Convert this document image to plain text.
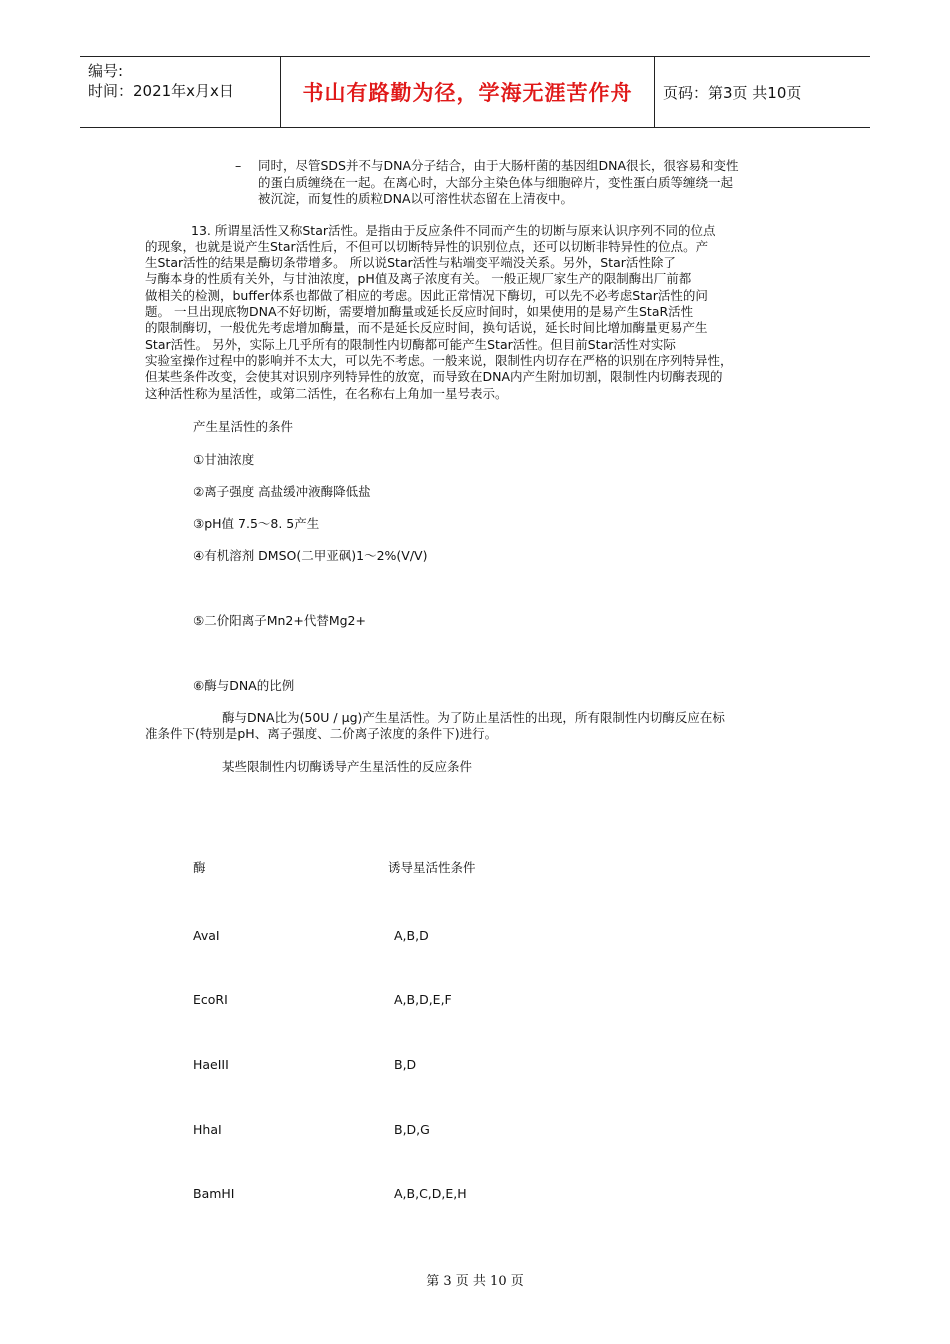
编号:
时间：2021年x月x日	书山有路勤为径，学海无涯苦作舟 页码：第3页 共10页
– 同时，尽管SDS并不与DNA分子结合，由于大肠杆菌的基因组DNA很长，很容易和变性
的蛋白质缠绕在一起。在离心时，大部分主染色体与细胞碎片，变性蛋白质等缠绕一起
被沉淀，而复性的质粒DNA以可溶性状态留在上清夜中。
13. 所谓星活性又称Star活性。是指由于反应条件不同而产生的切断与原来认识序列不同的位点
的现象，也就是说产生Star活性后，不但可以切断特异性的识别位点，还可以切断非特异性的位点。产
生Star活性的结果是酶切条带增多。 所以说Star活性与粘端变平端没关系。另外，Star活性除了
与酶本身的性质有关外，与甘油浓度，pH值及离子浓度有关。 一般正规厂家生产的限制酶出厂前都
做相关的检测，buffer体系也都做了相应的考虑。因此正常情况下酶切，可以先不必考虑Star活性的问
题。 一旦出现底物DNA不好切断，需要增加酶量或延长反应时间时，如果使用的是易产生StaR活性
的限制酶切，一般优先考虑增加酶量，而不是延长反应时间，换句话说，延长时间比增加酶量更易产生
Star活性。 另外，实际上几乎所有的限制性内切酶都可能产生Star活性。但目前Star活性对实际
实验室操作过程中的影响并不太大，可以先不考虑。一般来说，限制性内切存在严格的识别在序列特异性，
但某些条件改变，会使其对识别序列特异性的放宽，而导致在DNA内产生附加切割，限制性内切酶表现的
这种活性称为星活性，或第二活性，在名称右上角加一星号表示。
产生星活性的条件
①甘油浓度
②离子强度 高盐缓冲液酶降低盐
③pH值 7.5～8. 5产生
④有机溶剂 DMSO(二甲亚砜)1～2%(V/V)
⑤二价阳离子Mn2+代替Mg2+
⑥酶与DNA的比例
酶与DNA比为(50U / μg)产生星活性。为了防止星活性的出现，所有限制性内切酶反应在标
准条件下(特别是pH、离子强度、二价离子浓度的条件下)进行。
某些限制性内切酶诱导产生星活性的反应条件
酶	诱导星活性条件
AvaI	A,B,D
EcoRI	A,B,D,E,F
HaeIII	B,D
HhaI	B,D,G
BamHI	A,B,C,D,E,H
第 3 页 共 10 页
